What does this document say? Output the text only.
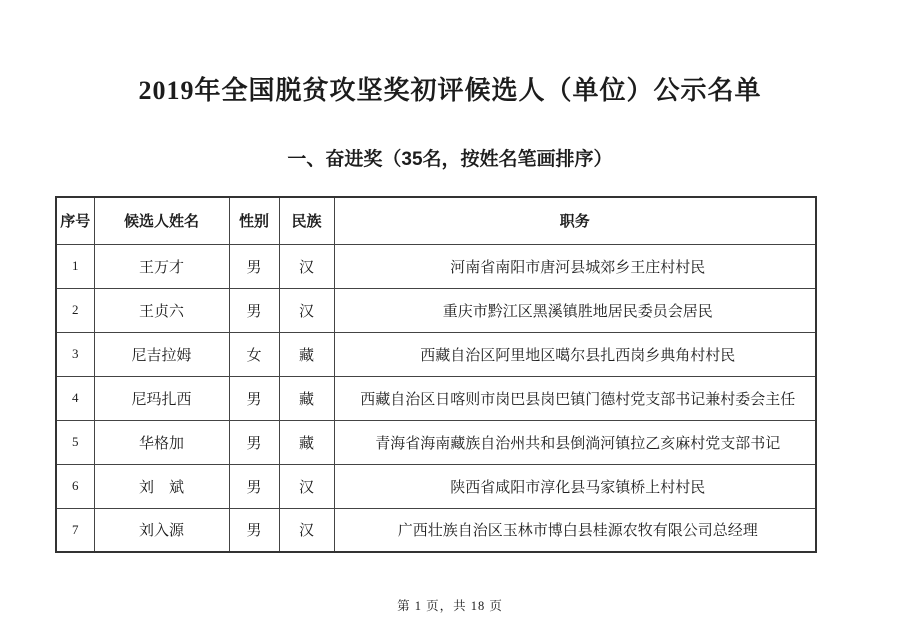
2019年全国脱贫攻坚奖初评候选人（单位）公示名单
一、奋进奖（35名，按姓名笔画排序）
序号	候选人姓名	性别	民族	职务
1	王万才	男	汉	河南省南阳市唐河县城郊乡王庄村村民
2	王贞六	男	汉	重庆市黔江区黑溪镇胜地居民委员会居民
3	尼吉拉姆	女	藏	西藏自治区阿里地区噶尔县扎西岗乡典角村村民
4	尼玛扎西	男	藏	西藏自治区日喀则市岗巴县岗巴镇门德村党支部书记兼村委会主任
5	华格加	男	藏	青海省海南藏族自治州共和县倒淌河镇拉乙亥麻村党支部书记
6	刘　斌	男	汉	陕西省咸阳市淳化县马家镇桥上村村民
7	刘入源	男	汉	广西壮族自治区玉林市博白县桂源农牧有限公司总经理
第 1 页，共 18 页
